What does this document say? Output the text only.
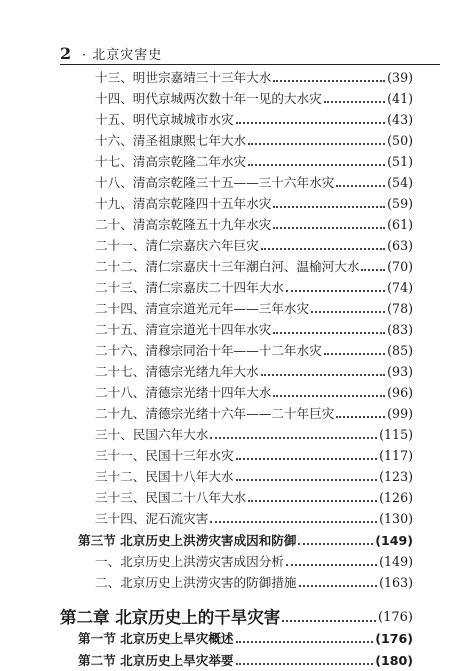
2 · 北京灾害史
十三、明世宗嘉靖三十三年大水	(39)
十四、明代京城两次数十年一见的大水灾	(41)
十五、明代京城城市水灾	(43)
十六、清圣祖康熙七年大水	(50)
十七、清高宗乾隆二年水灾	(51)
十八、清高宗乾隆三十五——三十六年水灾	(54)
十九、清高宗乾隆四十五年水灾	(59)
二十、清高宗乾隆五十九年水灾	(61)
二十一、清仁宗嘉庆六年巨灾	(63)
二十二、清仁宗嘉庆十三年潮白河、温榆河大水 (70)
二十三、清仁宗嘉庆二十四年大水	(74)
二十四、清宣宗道光元年——三年水灾	(78)
二十五、清宣宗道光十四年水灾	(83)
二十六、清穆宗同治十年——十二年水灾	(85)
二十七、清德宗光绪九年大水	(93)
二十八、清德宗光绪十四年大水	(96)
二十九、清德宗光绪十六年——二十年巨灾	(99)
三十、民国六年大水	(115)
三十一、民国十三年水灾	(117)
三十二、民国十八年大水	(123)
三十三、民国二十八年大水	(126)
三十四、泥石流灾害	(130)
第三节 北京历史上洪涝灾害成因和防御	(149)
一、北京历史上洪涝灾害成因分析	(149)
二、北京历史上洪涝灾害的防御措施	(163)
第二章 北京历史上的干旱灾害	(176)
第一节 北京历史上旱灾概述	(176)
第二节 北京历史上旱灾举要	(180)
